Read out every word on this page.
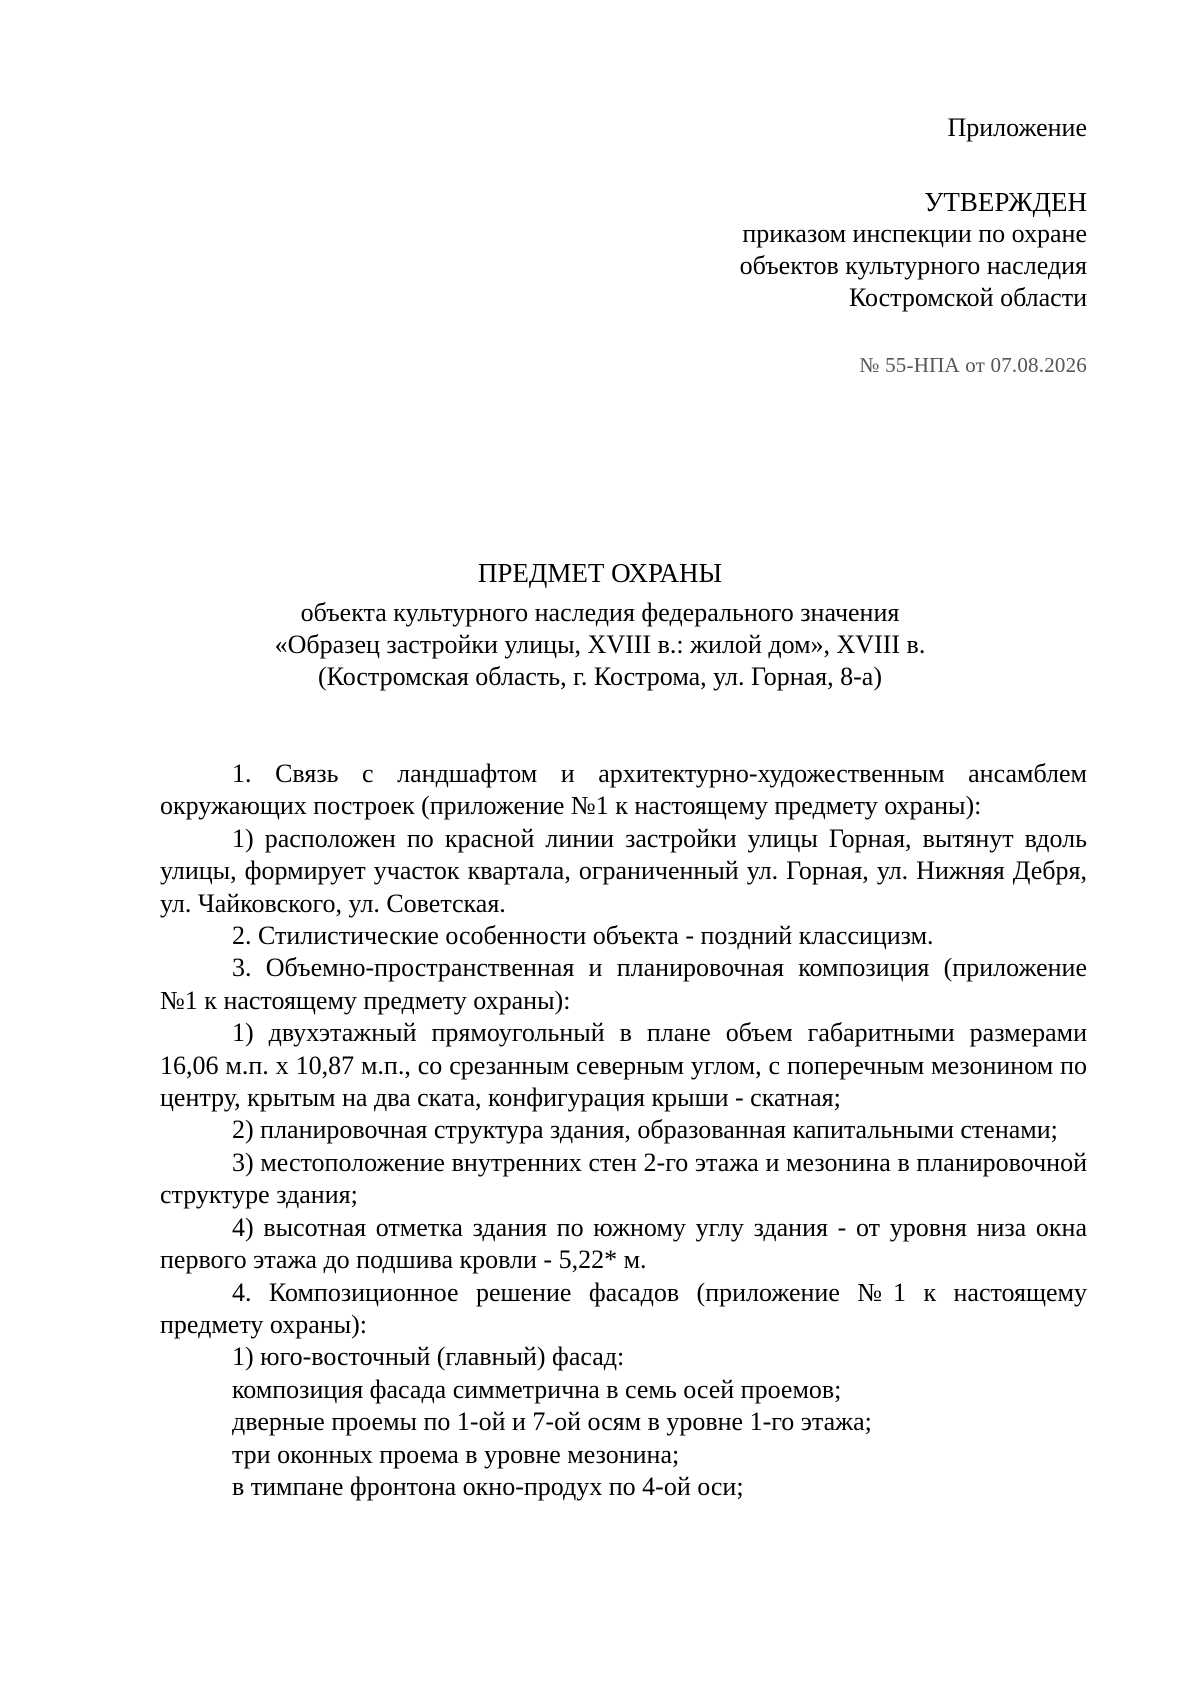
Приложение
УТВЕРЖДЕН
приказом инспекции по охране
объектов культурного наследия
Костромской области
№ 55-НПА от 07.08.2026
ПРЕДМЕТ ОХРАНЫ
объекта культурного наследия федерального значения
«Образец застройки улицы, XVIII в.: жилой дом», XVIII в.
(Костромская область, г. Кострома, ул. Горная, 8-а)

1. Связь с ландшафтом и архитектурно-художественным ансамблем окружающих построек (приложение №1 к настоящему предмету охраны):

1) расположен по красной линии застройки улицы Горная, вытянут вдоль улицы, формирует участок квартала, ограниченный ул. Горная, ул. Нижняя Дебря, ул. Чайковского, ул. Советская.

2. Стилистические особенности объекта - поздний классицизм.

3. Объемно-пространственная и планировочная композиция (приложение №1 к настоящему предмету охраны):

1) двухэтажный прямоугольный в плане объем габаритными размерами 16,06 м.п. х 10,87 м.п., со срезанным северным углом, с поперечным мезонином по центру, крытым на два ската, конфигурация крыши - скатная;

2) планировочная структура здания, образованная капитальными стенами;

3) местоположение внутренних стен 2-го этажа и мезонина в планировочной структуре здания;

4) высотная отметка здания по южному углу здания - от уровня низа окна первого этажа до подшива кровли - 5,22* м.

4. Композиционное решение фасадов (приложение №1 к настоящему предмету охраны):

1) юго-восточный (главный) фасад:

композиция фасада симметрична в семь осей проемов;

дверные проемы по 1-ой и 7-ой осям в уровне 1-го этажа;

три оконных проема в уровне мезонина;

в тимпане фронтона окно-продух по 4-ой оси;
